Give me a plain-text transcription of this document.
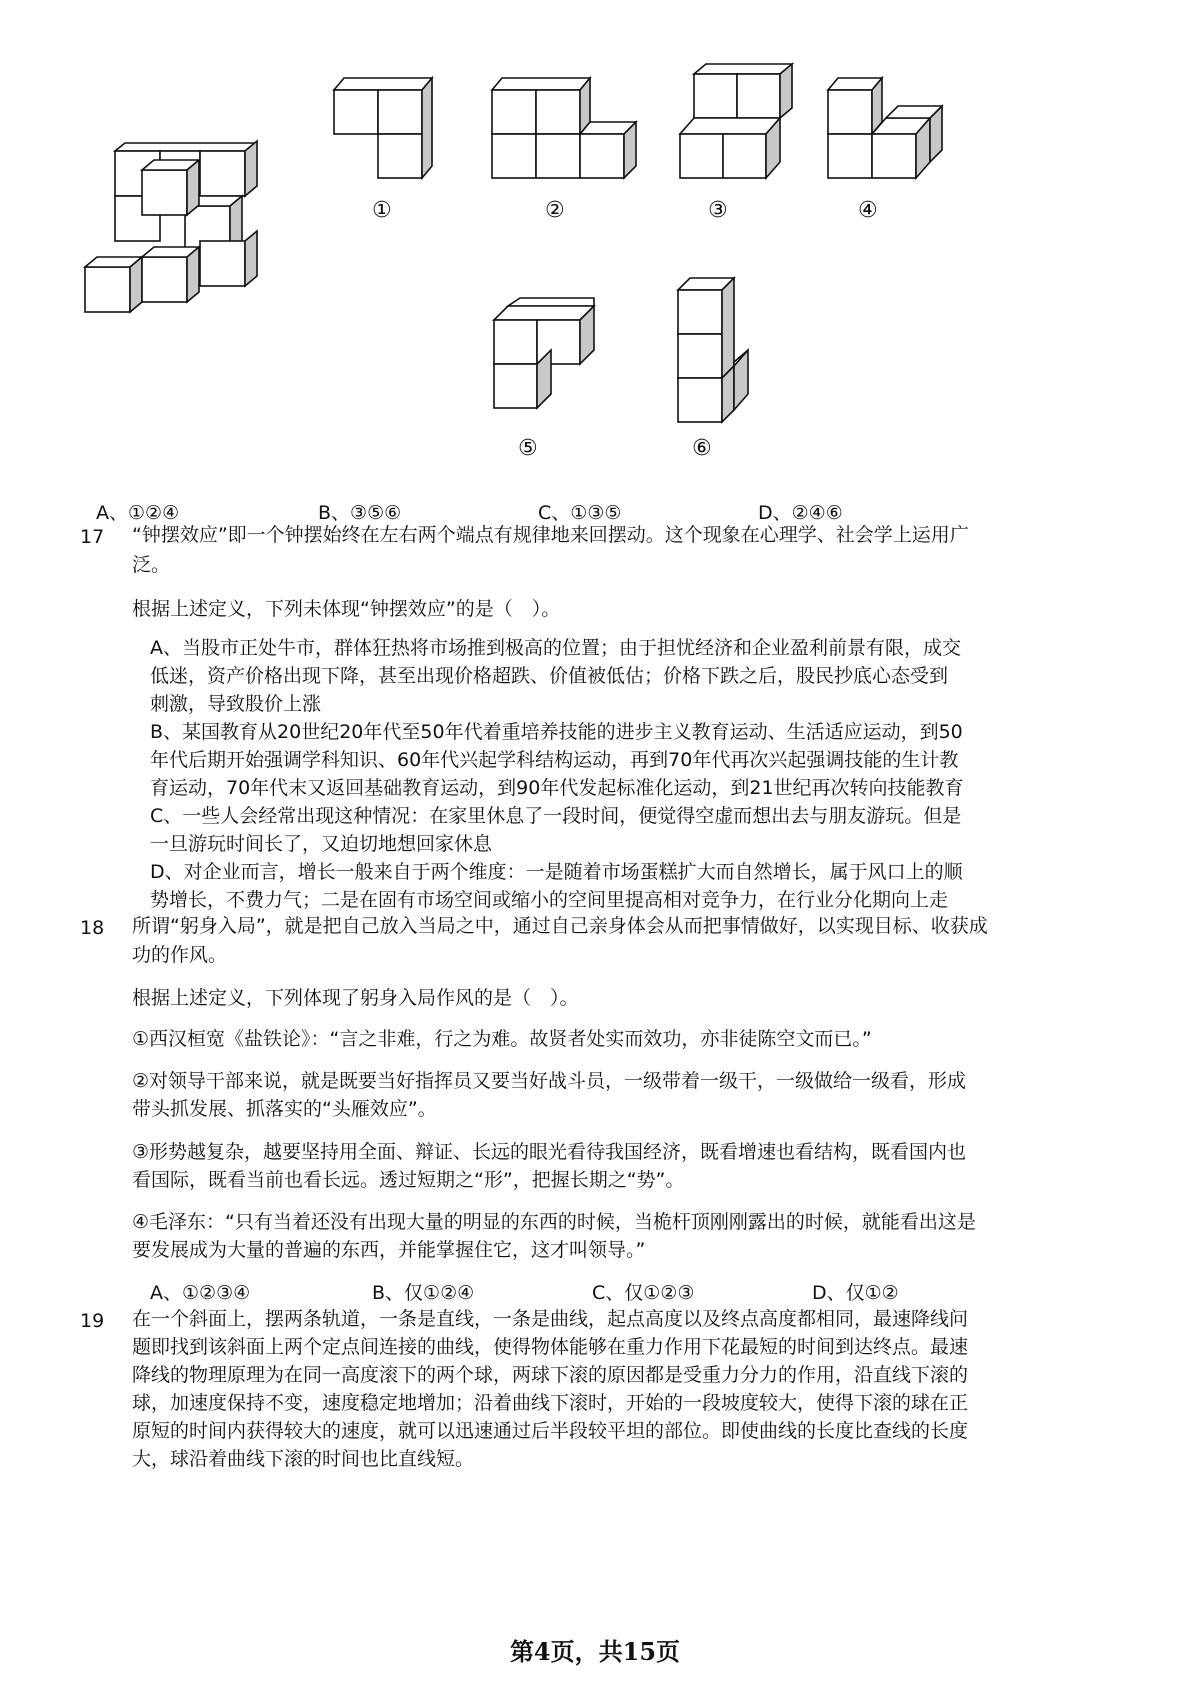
①	②	③	④
⑤	⑥
A、①②④	B、③⑤⑥	C、①③⑤	D、②④⑥
17 “钟摆效应”即一个钟摆始终在左右两个端点有规律地来回摆动。这个现象在心理学、社会学上运用广
泛。
根据上述定义，下列未体现“钟摆效应”的是（　）。
A、当股市正处牛市，群体狂热将市场推到极高的位置；由于担忧经济和企业盈利前景有限，成交
低迷，资产价格出现下降，甚至出现价格超跌、价值被低估；价格下跌之后，股民抄底心态受到
刺激，导致股价上涨
B、某国教育从20世纪20年代至50年代着重培养技能的进步主义教育运动、生活适应运动，到50
年代后期开始强调学科知识、60年代兴起学科结构运动，再到70年代再次兴起强调技能的生计教
育运动，70年代末又返回基础教育运动，到90年代发起标准化运动，到21世纪再次转向技能教育
C、一些人会经常出现这种情况：在家里休息了一段时间，便觉得空虚而想出去与朋友游玩。但是
一旦游玩时间长了，又迫切地想回家休息
D、对企业而言，增长一般来自于两个维度：一是随着市场蛋糕扩大而自然增长，属于风口上的顺
势增长，不费力气；二是在固有市场空间或缩小的空间里提高相对竞争力，在行业分化期向上走
18 所谓“躬身入局”，就是把自己放入当局之中，通过自己亲身体会从而把事情做好，以实现目标、收获成
功的作风。
根据上述定义，下列体现了躬身入局作风的是（　）。
①西汉桓宽《盐铁论》：“言之非难，行之为难。故贤者处实而效功，亦非徒陈空文而已。”
②对领导干部来说，就是既要当好指挥员又要当好战斗员，一级带着一级干，一级做给一级看，形成
带头抓发展、抓落实的“头雁效应”。
③形势越复杂，越要坚持用全面、辩证、长远的眼光看待我国经济，既看增速也看结构，既看国内也
看国际，既看当前也看长远。透过短期之“形”，把握长期之“势”。
④毛泽东：“只有当着还没有出现大量的明显的东西的时候，当桅杆顶刚刚露出的时候，就能看出这是
要发展成为大量的普遍的东西，并能掌握住它，这才叫领导。”
A、①②③④	B、仅①②④	C、仅①②③	D、仅①②
19 在一个斜面上，摆两条轨道，一条是直线，一条是曲线，起点高度以及终点高度都相同，最速降线问
题即找到该斜面上两个定点间连接的曲线，使得物体能够在重力作用下花最短的时间到达终点。最速
降线的物理原理为在同一高度滚下的两个球，两球下滚的原因都是受重力分力的作用，沿直线下滚的
球，加速度保持不变，速度稳定地增加；沿着曲线下滚时，开始的一段坡度较大，使得下滚的球在正
原短的时间内获得较大的速度，就可以迅速通过后半段较平坦的部位。即使曲线的长度比查线的长度
大，球沿着曲线下滚的时间也比直线短。
第4页，共15页
